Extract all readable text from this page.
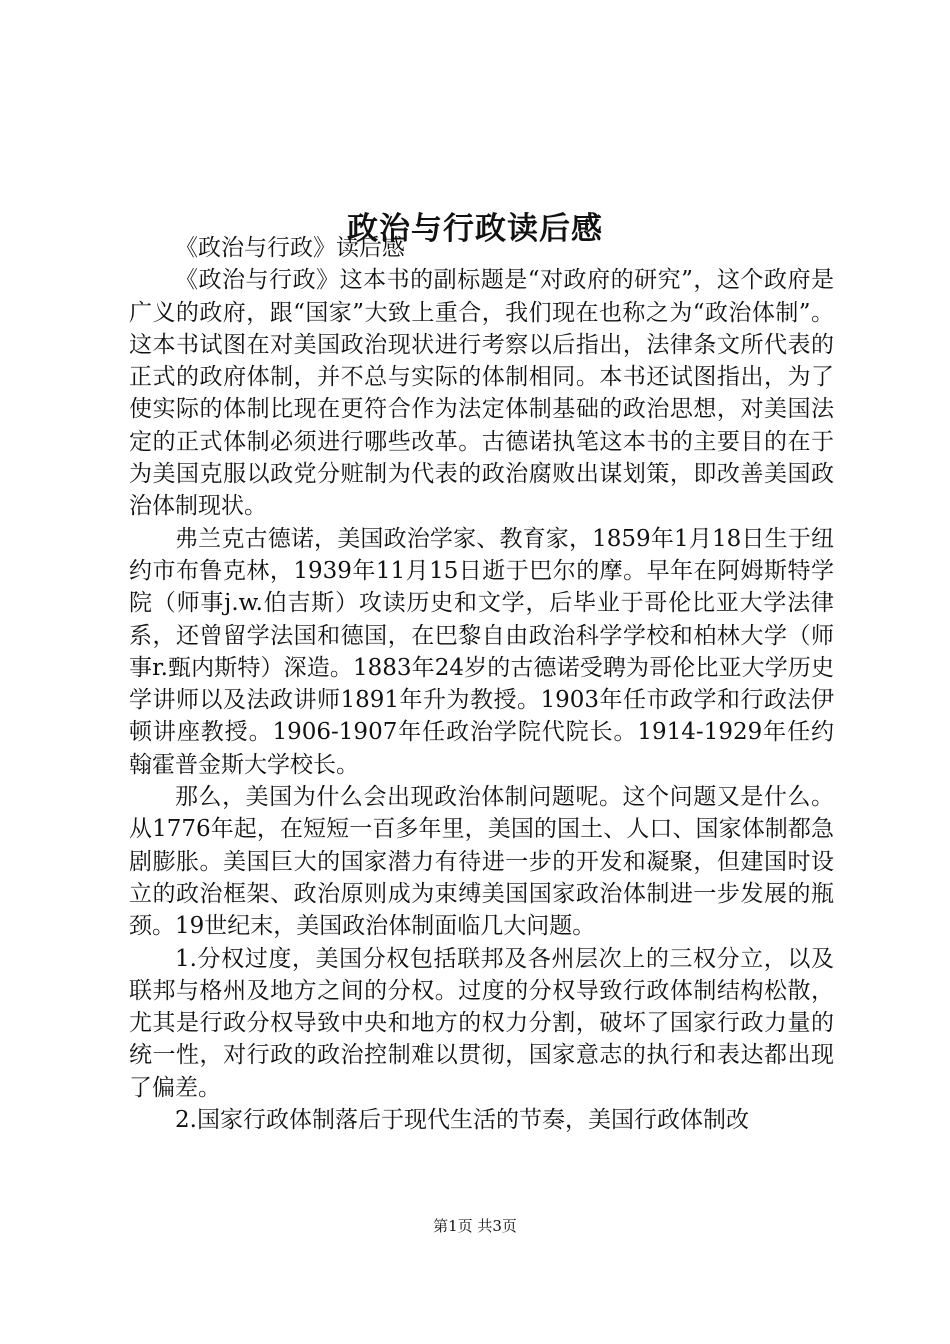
政治与行政读后感

《政治与行政》读后感

《政治与行政》这本书的副标题是“对政府的研究”，这个政府是广义的政府，跟“国家”大致上重合，我们现在也称之为“政治体制”。这本书试图在对美国政治现状进行考察以后指出，法律条文所代表的正式的政府体制，并不总与实际的体制相同。本书还试图指出，为了使实际的体制比现在更符合作为法定体制基础的政治思想，对美国法定的正式体制必须进行哪些改革。古德诺执笔这本书的主要目的在于为美国克服以政党分赃制为代表的政治腐败出谋划策，即改善美国政治体制现状。

弗兰克古德诺，美国政治学家、教育家，1859年1月18日生于纽约市布鲁克林，1939年11月15日逝于巴尔的摩。早年在阿姆斯特学院（师事j.w.伯吉斯）攻读历史和文学，后毕业于哥伦比亚大学法律系，还曾留学法国和德国，在巴黎自由政治科学学校和柏林大学（师事r.甄内斯特）深造。1883年24岁的古德诺受聘为哥伦比亚大学历史学讲师以及法政讲师1891年升为教授。1903年任市政学和行政法伊顿讲座教授。1906-1907年任政治学院代院长。1914-1929年任约翰霍普金斯大学校长。

那么，美国为什么会出现政治体制问题呢。这个问题又是什么。从1776年起，在短短一百多年里，美国的国土、人口、国家体制都急剧膨胀。美国巨大的国家潜力有待进一步的开发和凝聚，但建国时设立的政治框架、政治原则成为束缚美国国家政治体制进一步发展的瓶颈。19世纪末，美国政治体制面临几大问题。

1.分权过度，美国分权包括联邦及各州层次上的三权分立，以及联邦与格州及地方之间的分权。过度的分权导致行政体制结构松散，尤其是行政分权导致中央和地方的权力分割，破坏了国家行政力量的统一性，对行政的政治控制难以贯彻，国家意志的执行和表达都出现了偏差。

2.国家行政体制落后于现代生活的节奏，美国行政体制改

第1页 共3页
